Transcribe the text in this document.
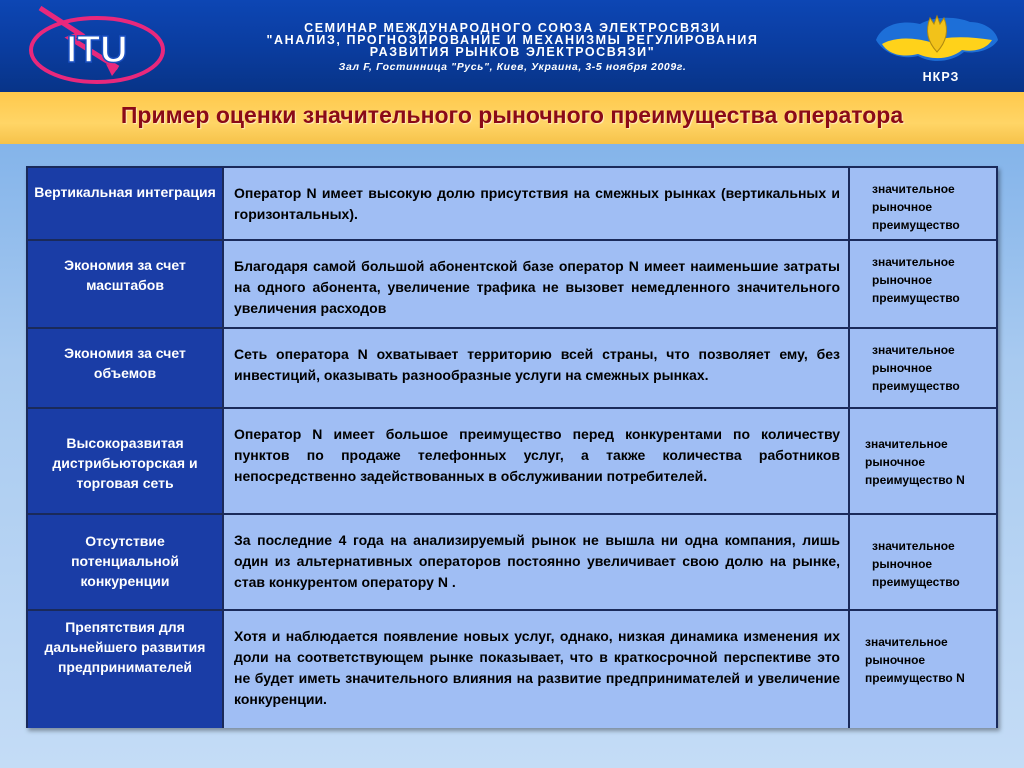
ITU
СЕМИНАР МЕЖДУНАРОДНОГО СОЮЗА ЭЛЕКТРОСВЯЗИ
"АНАЛИЗ, ПРОГНОЗИРОВАНИЕ И МЕХАНИЗМЫ РЕГУЛИРОВАНИЯ
РАЗВИТИЯ РЫНКОВ ЭЛЕКТРОСВЯЗИ"
Зал F, Гостинница "Русь", Киев, Украина, 3-5 ноября 2009г.
НКРЗ
Пример оценки значительного рыночного преимущества оператора
Вертикальная интеграция	Оператор N имеет высокую долю присутствия на смежных рынках (вертикальных и горизонтальных).
значительное рыночное преимущество
Экономия за счет масштабов
Благодаря самой большой абонентской базе оператор N имеет наименьшие затраты на одного абонента, увеличение трафика не вызовет немедленного значительного увеличения расходов
значительное рыночное преимущество
Экономия за счет объемов
Сеть оператора N охватывает территорию всей страны, что позволяет ему, без инвестиций, оказывать разнообразные услуги на смежных рынках.
значительное рыночное преимущество
Высокоразвитая дистрибьюторская и торговая сеть
Оператор N имеет большое преимущество перед конкурентами по количеству пунктов по продаже телефонных услуг, а также количества работников непосредственно задействованных в обслуживании потребителей.
значительное рыночное преимущество N
Отсутствие потенциальной конкуренции
За последние 4 года на анализируемый рынок не вышла ни одна компания, лишь один из альтернативных операторов постоянно увеличивает свою долю на рынке, став конкурентом оператору N .
значительное рыночное преимущество
Препятствия для дальнейшего развития предпринимателей
Хотя и наблюдается появление новых услуг, однако, низкая динамика изменения их доли на соответствующем рынке показывает, что в краткосрочной перспективе это не будет иметь значительного влияния на развитие предпринимателей и увеличение конкуренции.
значительное рыночное преимущество N
